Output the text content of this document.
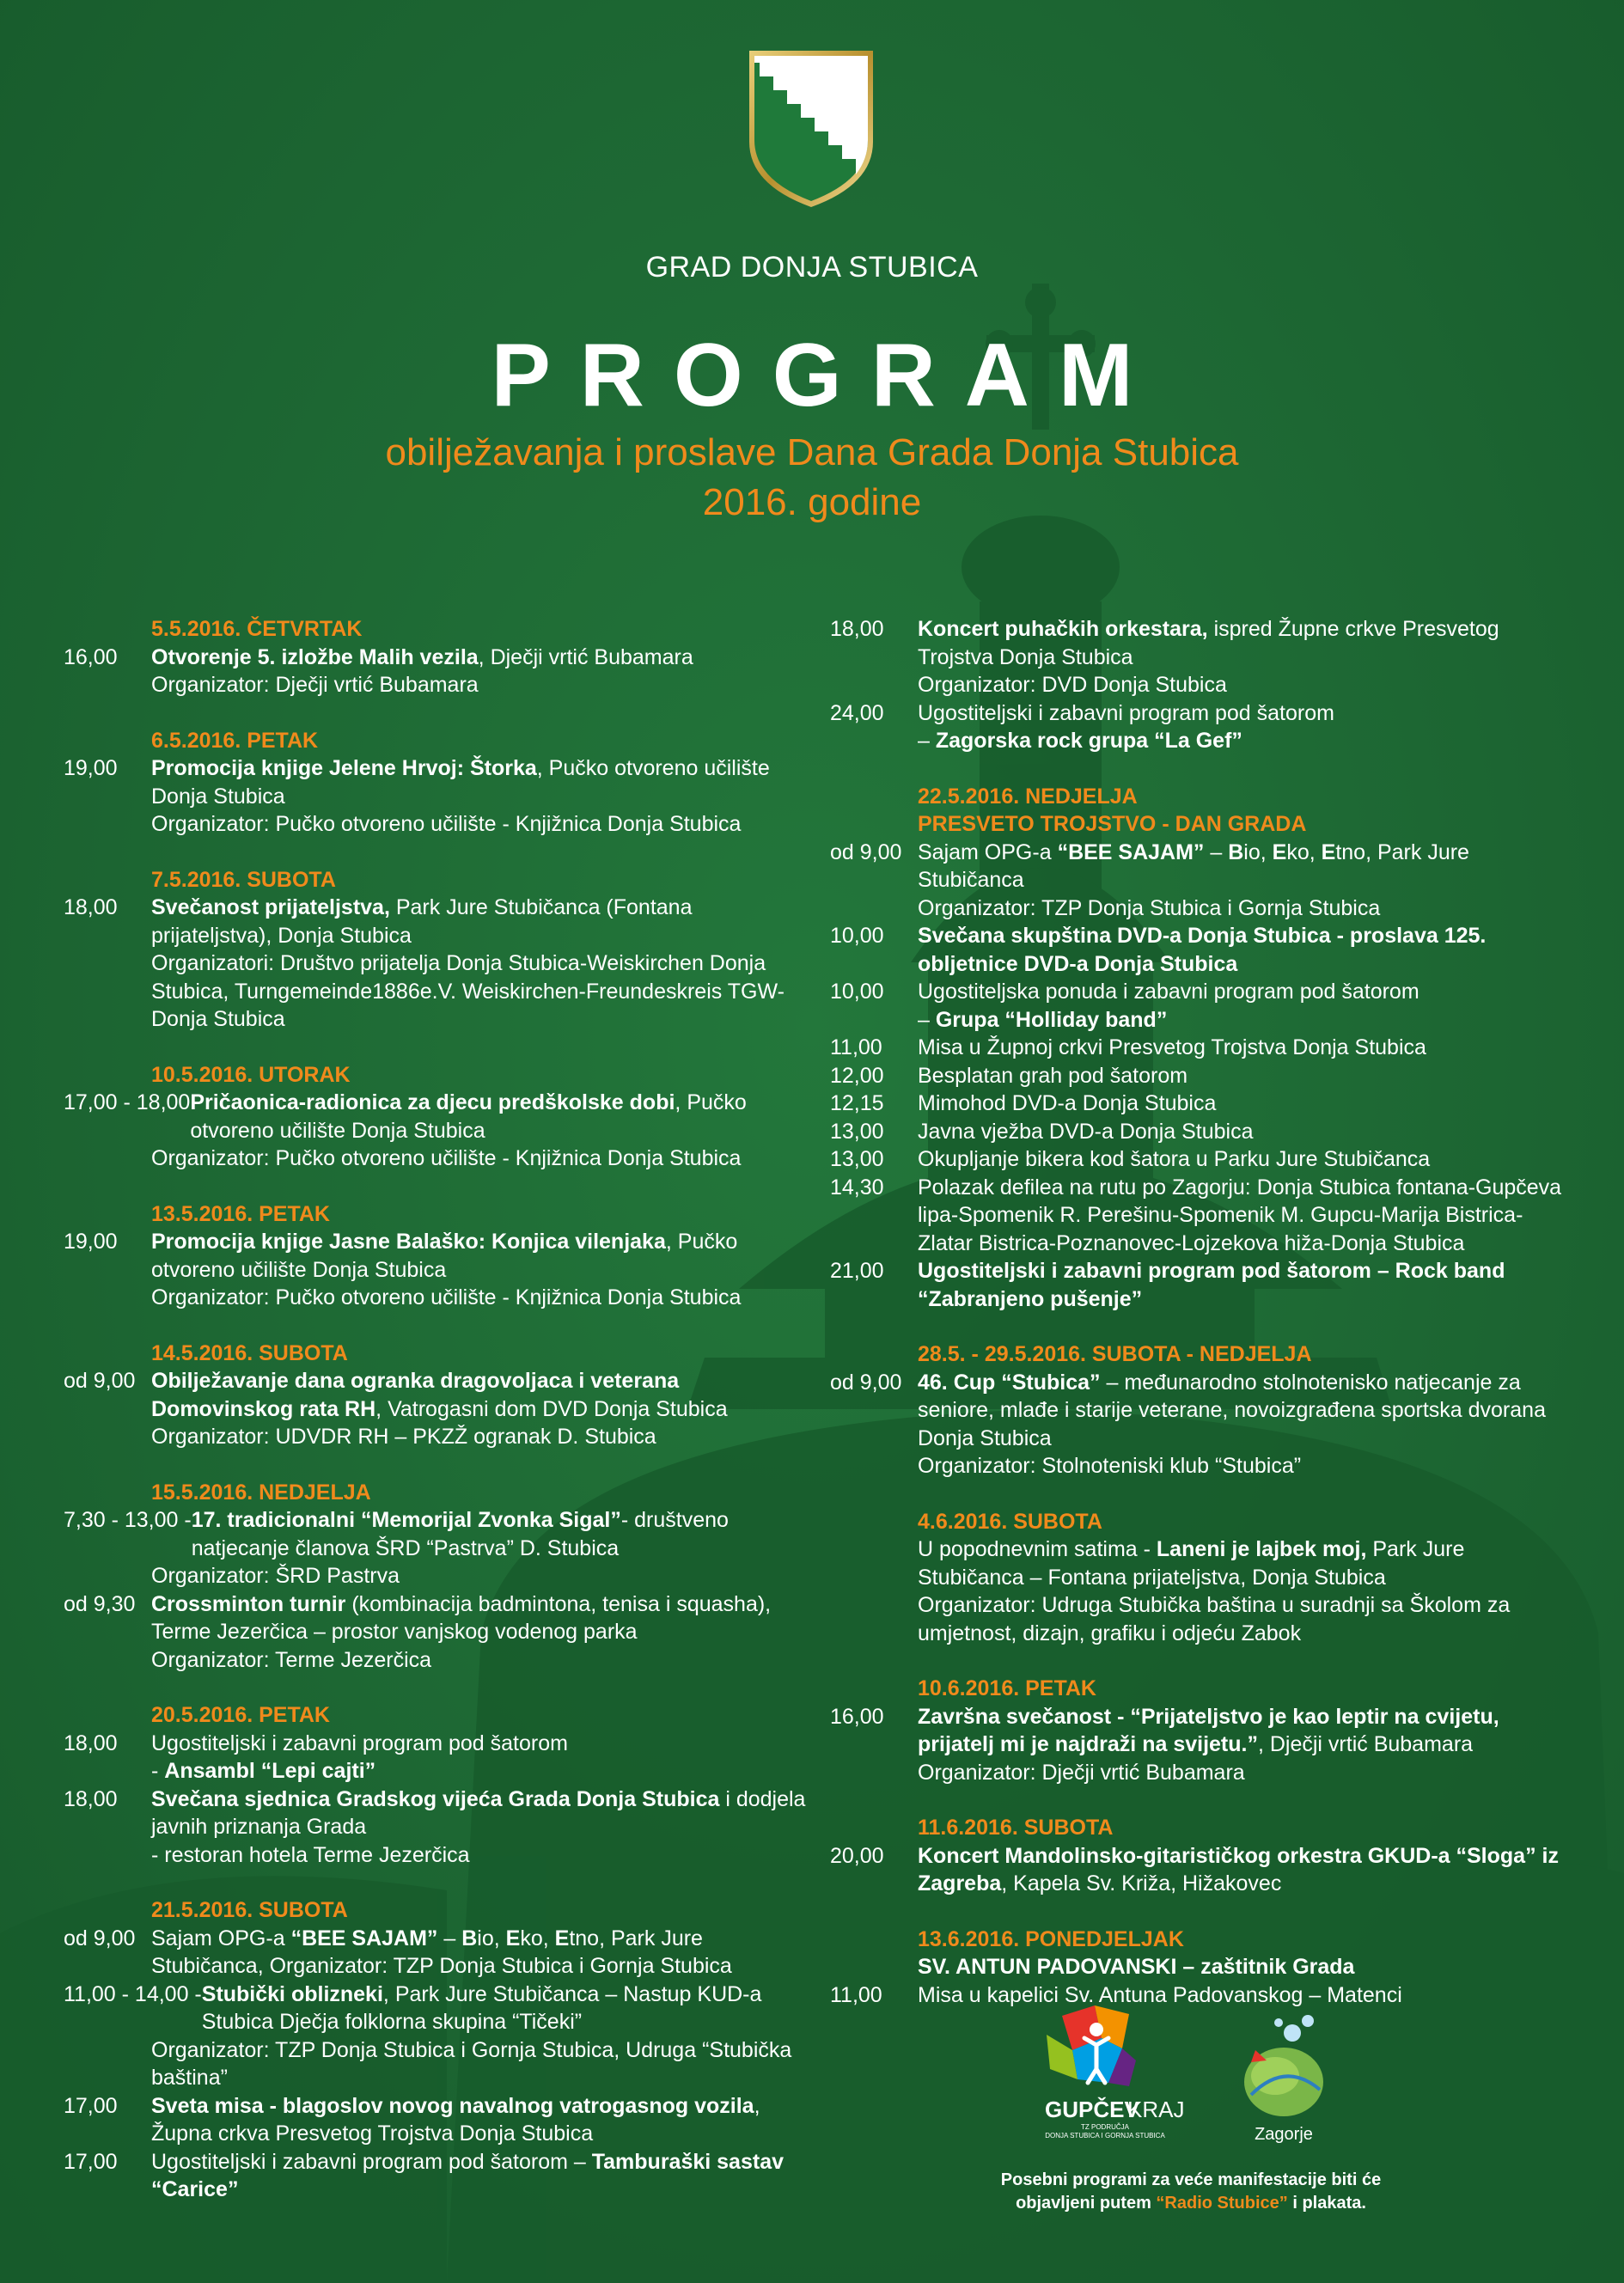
GRAD DONJA STUBICA
PROGRAM
obilježavanja i proslave Dana Grada Donja Stubica
2016. godine
5.5.2016. ČETVRTAK
16,00	Otvorenje 5. izložbe Malih vezila, Dječji vrtić Bubamara
Organizator: Dječji vrtić Bubamara
6.5.2016. PETAK
19,00	Promocija knjige Jelene Hrvoj: Štorka, Pučko otvoreno učilište Donja Stubica
Organizator: Pučko otvoreno učilište - Knjižnica Donja Stubica
7.5.2016. SUBOTA
18,00	Svečanost prijateljstva, Park Jure Stubičanca (Fontana prijateljstva), Donja Stubica
Organizatori: Društvo prijatelja Donja Stubica-Weiskirchen Donja Stubica, Turngemeinde1886e.V. Weiskirchen-Freundeskreis TGW-Donja Stubica
10.5.2016. UTORAK
17,00 - 18,00 Pričaonica-radionica za djecu predškolske dobi, Pučko otvoreno učilište Donja Stubica
Organizator: Pučko otvoreno učilište - Knjižnica Donja Stubica
13.5.2016. PETAK
19,00	Promocija knjige Jasne Balaško: Konjica vilenjaka, Pučko otvoreno učilište Donja Stubica
Organizator: Pučko otvoreno učilište - Knjižnica Donja Stubica
14.5.2016. SUBOTA
od 9,00 Obilježavanje dana ogranka dragovoljaca i veterana Domovinskog rata RH, Vatrogasni dom DVD Donja Stubica
Organizator: UDVDR RH – PKZŽ ogranak D. Stubica
15.5.2016. NEDJELJA
7,30 - 13,00 - 17. tradicionalni “Memorijal Zvonka Sigal”- društveno natjecanje članova ŠRD “Pastrva” D. Stubica
Organizator: ŠRD Pastrva
od 9,30 Crossminton turnir (kombinacija badmintona, tenisa i squasha), Terme Jezerčica – prostor vanjskog vodenog parka
Organizator: Terme Jezerčica
20.5.2016. PETAK
18,00	Ugostiteljski i zabavni program pod šatorom
- Ansambl “Lepi cajti”
18,00	Svečana sjednica Gradskog vijeća Grada Donja Stubica i dodjela javnih priznanja Grada
- restoran hotela Terme Jezerčica
21.5.2016. SUBOTA
od 9,00 Sajam OPG-a “BEE SAJAM” – Bio, Eko, Etno, Park Jure Stubičanca, Organizator: TZP Donja Stubica i Gornja Stubica
11,00 - 14,00 - Stubički oblizneki, Park Jure Stubičanca – Nastup KUD-a Stubica Dječja folklorna skupina “Tičeki”
Organizator: TZP Donja Stubica i Gornja Stubica, Udruga “Stubička baština”
17,00	Sveta misa - blagoslov novog navalnog vatrogasnog vozila, Župna crkva Presvetog Trojstva Donja Stubica
17,00	Ugostiteljski i zabavni program pod šatorom – Tamburaški sastav “Carice”
18,00	Koncert puhačkih orkestara, ispred Župne crkve Presvetog Trojstva Donja Stubica
Organizator: DVD Donja Stubica
24,00	Ugostiteljski i zabavni program pod šatorom
– Zagorska rock grupa “La Gef”
22.5.2016. NEDJELJA
PRESVETO TROJSTVO - DAN GRADA
od 9,00 Sajam OPG-a “BEE SAJAM” – Bio, Eko, Etno, Park Jure Stubičanca
Organizator: TZP Donja Stubica i Gornja Stubica
10,00	Svečana skupština DVD-a Donja Stubica - proslava 125. obljetnice DVD-a Donja Stubica
10,00	Ugostiteljska ponuda i zabavni program pod šatorom
– Grupa “Holliday band”
11,00	Misa u Župnoj crkvi Presvetog Trojstva Donja Stubica
12,00	Besplatan grah pod šatorom
12,15	Mimohod DVD-a Donja Stubica
13,00	Javna vježba DVD-a Donja Stubica
13,00	Okupljanje bikera kod šatora u Parku Jure Stubičanca
14,30	Polazak defilea na rutu po Zagorju: Donja Stubica fontana-Gupčeva lipa-Spomenik R. Perešinu-Spomenik M. Gupcu-Marija Bistrica-Zlatar Bistrica-Poznanovec-Lojzekova hiža-Donja Stubica
21,00	Ugostiteljski i zabavni program pod šatorom – Rock band “Zabranjeno pušenje”
28.5. - 29.5.2016. SUBOTA - NEDJELJA
od 9,00 46. Cup “Stubica” – međunarodno stolnotenisko natjecanje za seniore, mlađe i starije veterane, novoizgrađena sportska dvorana Donja Stubica
Organizator: Stolnoteniski klub “Stubica”
4.6.2016. SUBOTA
U popodnevnim satima - Laneni je lajbek moj, Park Jure Stubičanca – Fontana prijateljstva, Donja Stubica
Organizator: Udruga Stubička baština u suradnji sa Školom za umjetnost, dizajn, grafiku i odjeću Zabok
10.6.2016. PETAK
16,00	Završna svečanost - “Prijateljstvo je kao leptir na cvijetu, prijatelj mi je najdraži na svijetu.”, Dječji vrtić Bubamara
Organizator: Dječji vrtić Bubamara
11.6.2016. SUBOTA
20,00	Koncert Mandolinsko-gitarističkog orkestra GKUD-a “Sloga” iz Zagreba, Kapela Sv. Križa, Hižakovec
13.6.2016. PONEDJELJAK
SV. ANTUN PADOVANSKI – zaštitnik Grada
11,00	Misa u kapelici Sv. Antuna Padovanskog – Matenci
GUPČEV
KRAJ
TZ PODRUČJA
DONJA STUBICA I GORNJA STUBICA	Zagorje
Posebni programi za veće manifestacije biti će
objavljeni putem “Radio Stubice” i plakata.
